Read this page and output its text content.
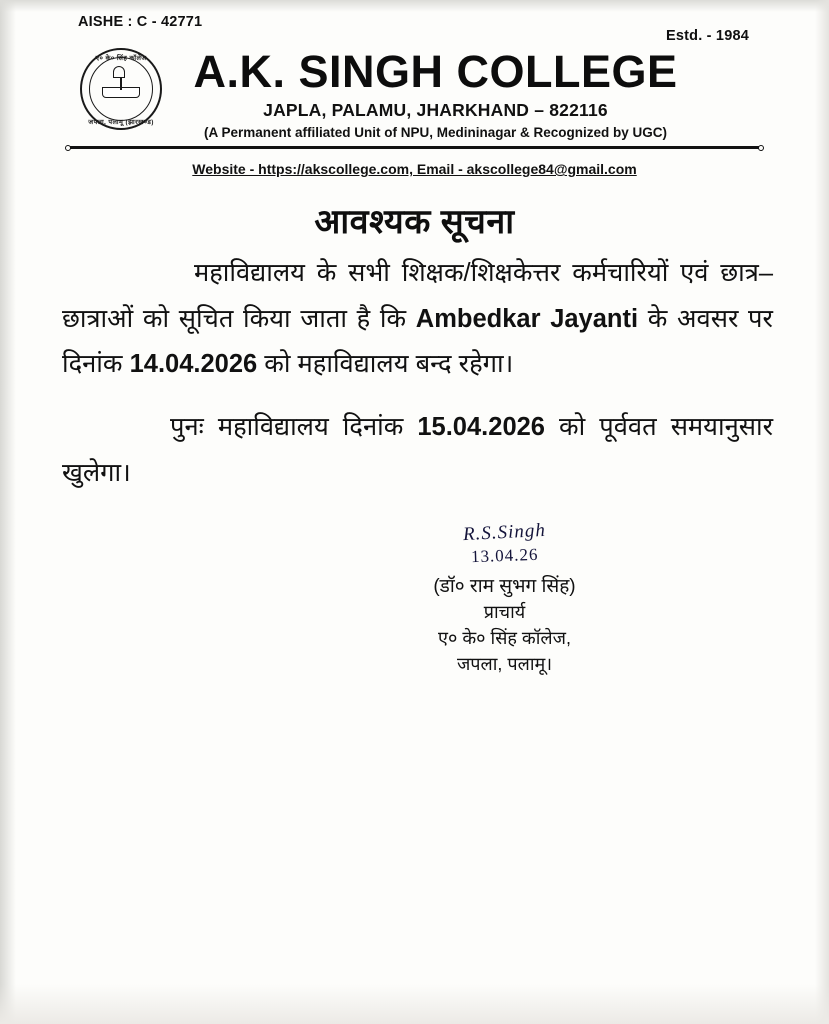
AISHE : C - 42771
Estd. - 1984
ए० के० सिंह कॉलेज
जपला, पलामू (झारखण्ड)
A.K. SINGH COLLEGE
JAPLA, PALAMU, JHARKHAND – 822116
(A Permanent affiliated Unit of NPU, Medininagar & Recognized by UGC)
Website - https://akscollege.com, Email - akscollege84@gmail.com
आवश्यक सूचना
महाविद्यालय के सभी शिक्षक/शिक्षकेत्तर कर्मचारियों एवं छात्र–छात्राओं को सूचित किया जाता है कि Ambedkar Jayanti के अवसर पर दिनांक 14.04.2026 को महाविद्यालय बन्द रहेगा।
पुनः महाविद्यालय दिनांक 15.04.2026 को पूर्ववत समयानुसार खुलेगा।
R.S.Singh
13.04.26
(डॉ० राम सुभग सिंह)
प्राचार्य
ए० के० सिंह कॉलेज,
जपला, पलामू।
